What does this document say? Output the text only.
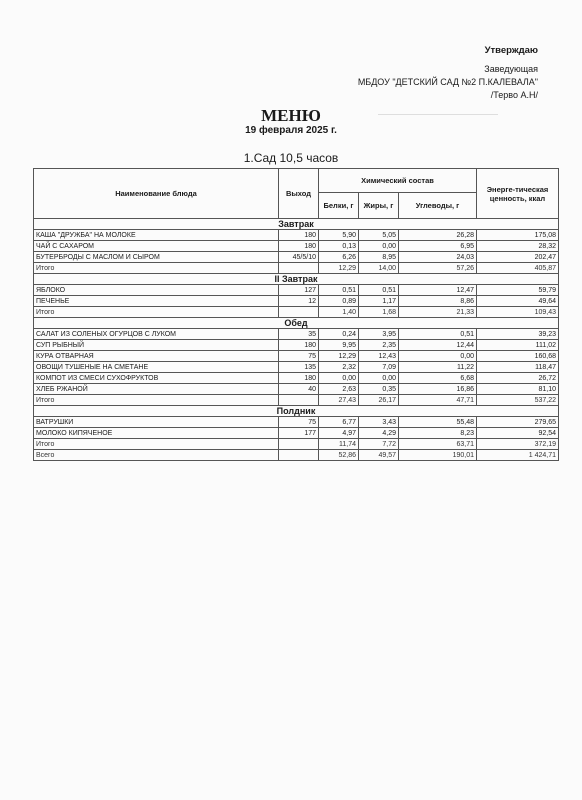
Утверждаю
Заведующая
МБДОУ "ДЕТСКИЙ САД №2 П.КАЛЕВАЛА"
/Терво А.Н/
МЕНЮ
19 февраля 2025 г.
1.Сад 10,5 часов
Наименование блюда	Выход	Химический состав			Энерге-тическая ценность, ккал
		Белки, г	Жиры, г	Углеводы, г	
Завтрак					
КАША "ДРУЖБА" НА МОЛОКЕ	180	5,90	5,05	26,28	175,08
ЧАЙ С САХАРОМ	180	0,13	0,00	6,95	28,32
БУТЕРБРОДЫ С МАСЛОМ И СЫРОМ	45/5/10	6,26	8,95	24,03	202,47
Итого		12,29	14,00	57,26	405,87
II Завтрак					
ЯБЛОКО	127	0,51	0,51	12,47	59,79
ПЕЧЕНЬЕ	12	0,89	1,17	8,86	49,64
Итого		1,40	1,68	21,33	109,43
Обед					
САЛАТ ИЗ СОЛЕНЫХ ОГУРЦОВ С ЛУКОМ	35	0,24	3,95	0,51	39,23
СУП РЫБНЫЙ	180	9,95	2,35	12,44	111,02
КУРА ОТВАРНАЯ	75	12,29	12,43	0,00	160,68
ОВОЩИ ТУШЕНЫЕ НА СМЕТАНЕ	135	2,32	7,09	11,22	118,47
КОМПОТ ИЗ СМЕСИ СУХОФРУКТОВ	180	0,00	0,00	6,68	26,72
ХЛЕБ РЖАНОЙ	40	2,63	0,35	16,86	81,10
Итого		27,43	26,17	47,71	537,22
Полдник					
ВАТРУШКИ	75	6,77	3,43	55,48	279,65
МОЛОКО КИПЯЧЕНОЕ	177	4,97	4,29	8,23	92,54
Итого		11,74	7,72	63,71	372,19
Всего		52,86	49,57	190,01	1 424,71
